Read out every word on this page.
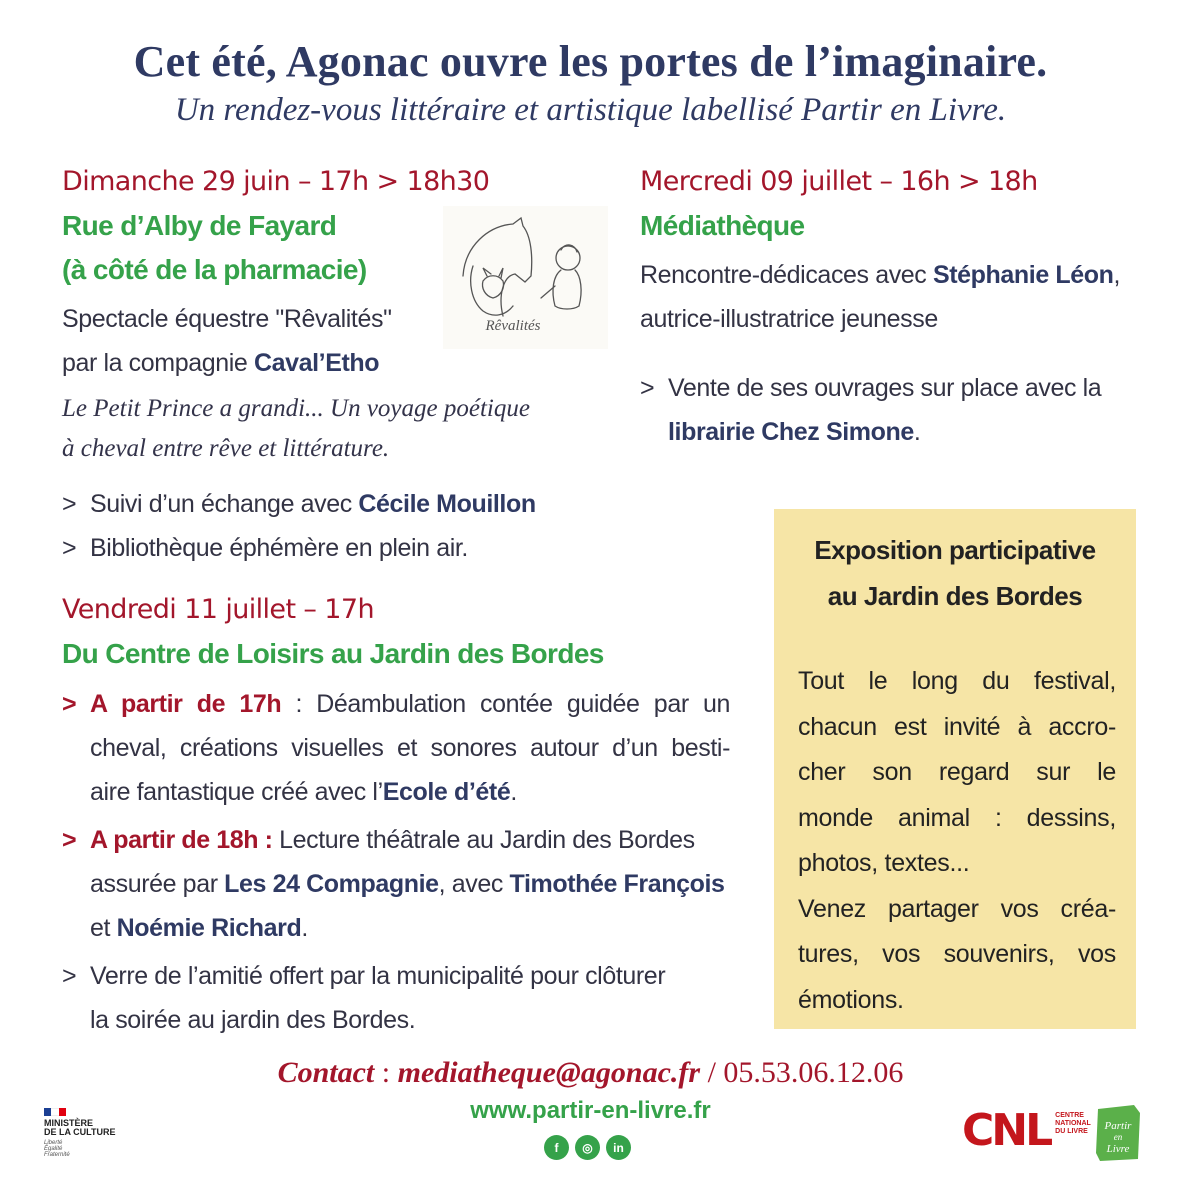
Cet été, Agonac ouvre les portes de l’imaginaire.
Un rendez-vous littéraire et artistique labellisé Partir en Livre.
Dimanche 29 juin – 17h > 18h30
Rue d’Alby de Fayard
(à côté de la pharmacie)
Spectacle équestre "Rêvalités"
par la compagnie Caval’Etho
Le Petit Prince a grandi... Un voyage poétique
à cheval entre rêve et littérature.
Rêvalités
> Suivi d’un échange avec Cécile Mouillon
> Bibliothèque éphémère en plein air.
Mercredi 09 juillet – 16h > 18h
Médiathèque
Rencontre-dédicaces avec Stéphanie Léon,
autrice-illustratrice jeunesse
> Vente de ses ouvrages sur place avec la
librairie Chez Simone.
Vendredi 11 juillet – 17h
Du Centre de Loisirs au Jardin des Bordes
> A partir de 17h : Déambulation contée guidée par un
cheval, créations visuelles et sonores autour d’un besti-
aire fantastique créé avec l’Ecole d’été.
> A partir de 18h : Lecture théâtrale au Jardin des Bordes
assurée par Les 24 Compagnie, avec Timothée François
et Noémie Richard.
> Verre de l’amitié offert par la municipalité pour clôturer
la soirée au jardin des Bordes.
Exposition participative
au Jardin des Bordes
Tout le long du festival,
chacun est invité à accro-
cher son regard sur le
monde animal : dessins,
photos, textes...
Venez partager vos créa-
tures, vos souvenirs, vos
émotions.
Contact : mediatheque@agonac.fr / 05.53.06.12.06
www.partir-en-livre.fr
f	◎	in
MINISTÈRE
DE LA CULTURE
Liberté
Égalité
Fraternité	CNL CENTRE
NATIONAL
DU LIVRE Partir
en
Livre
